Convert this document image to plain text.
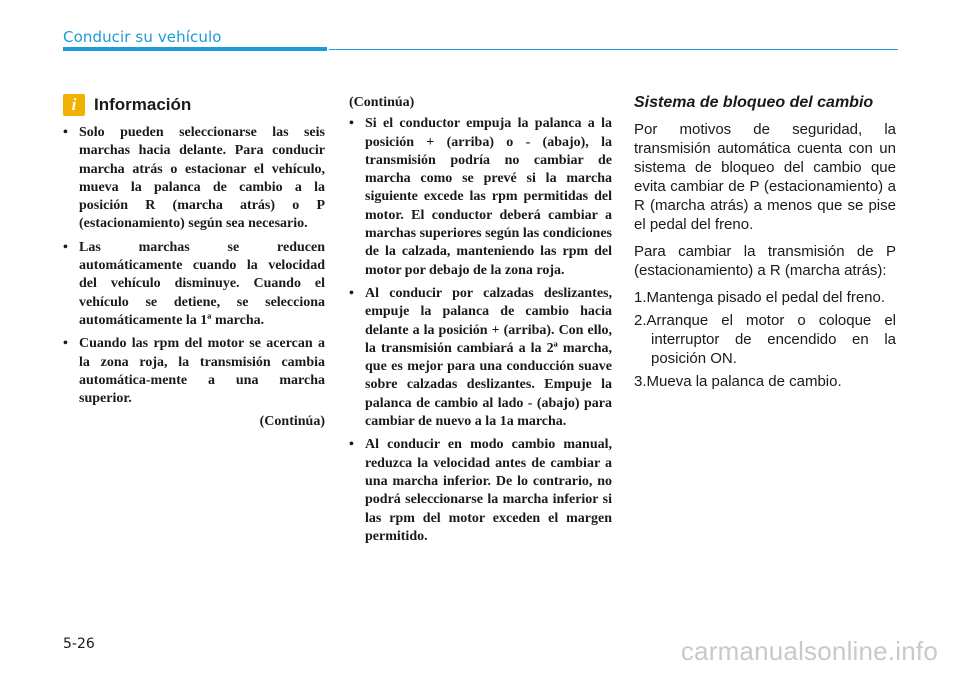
Conducir su vehículo
i	Información
• Solo pueden seleccionarse las seis marchas hacia delante. Para conducir marcha atrás o estacionar el vehículo, mueva la palanca de cambio a la posición R (marcha atrás) o P (estacionamiento) según sea necesario.
• Las marchas se reducen automáticamente cuando la velocidad del vehículo disminuye. Cuando el vehículo se detiene, se selecciona automáticamente la 1ª marcha.
• Cuando las rpm del motor se acercan a la zona roja, la transmisión cambia automática-mente a una marcha superior.
(Continúa)
(Continúa)
• Si el conductor empuja la palanca a la posición + (arriba) o - (abajo), la transmisión podría no cambiar de marcha como se prevé si la marcha siguiente excede las rpm permitidas del motor. El conductor deberá cambiar a marchas superiores según las condiciones de la calzada, manteniendo las rpm del motor por debajo de la zona roja.
• Al conducir por calzadas deslizantes, empuje la palanca de cambio hacia delante a la posición + (arriba). Con ello, la transmisión cambiará a la 2ª marcha, que es mejor para una conducción suave sobre calzadas deslizantes. Empuje la palanca de cambio al lado - (abajo) para cambiar de nuevo a la 1a marcha.
• Al conducir en modo cambio manual, reduzca la velocidad antes de cambiar a una marcha inferior. De lo contrario, no podrá seleccionarse la marcha inferior si las rpm del motor exceden el margen permitido.
Sistema de bloqueo del cambio

Por motivos de seguridad, la transmisión automática cuenta con un sistema de bloqueo del cambio que evita cambiar de P (estacionamiento) a R (marcha atrás) a menos que se pise el pedal del freno.

Para cambiar la transmisión de P (estacionamiento) a R (marcha atrás):

1.Mantenga pisado el pedal del freno.
2.Arranque el motor o coloque el interruptor de encendido en la posición ON.
3.Mueva la palanca de cambio.
5-26	carmanualsonline.info
